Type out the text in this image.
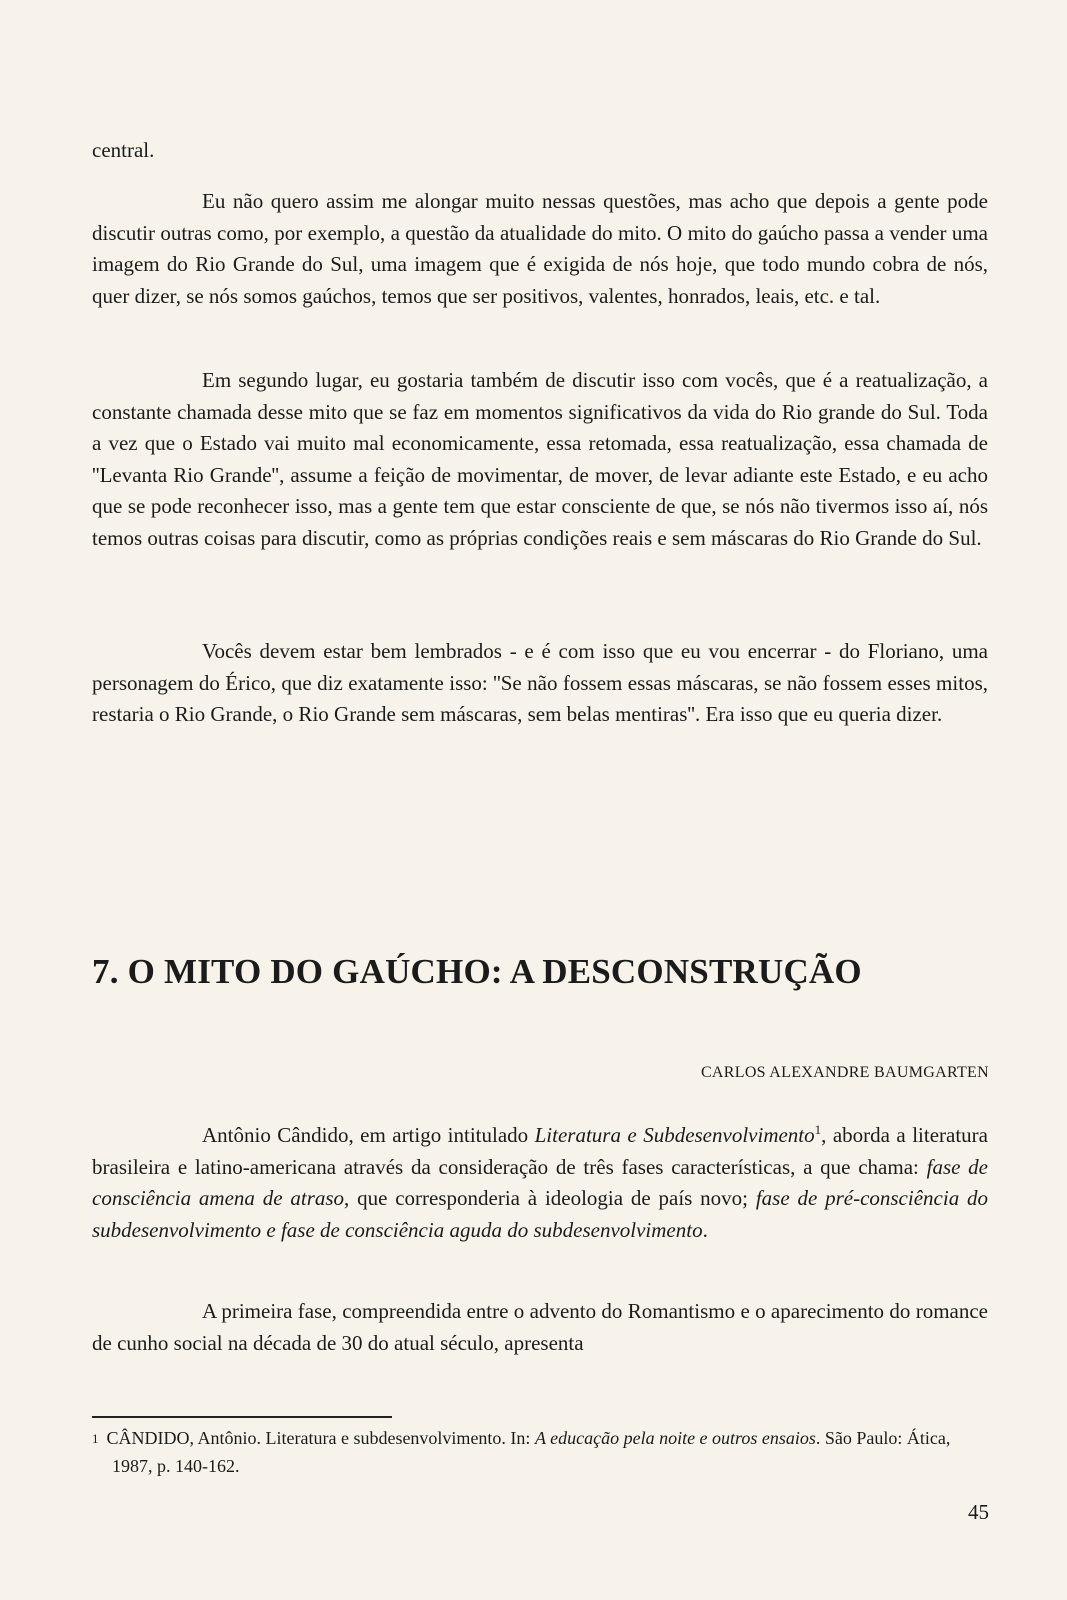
central.

Eu não quero assim me alongar muito nessas questões, mas acho que depois a gente pode discutir outras como, por exemplo, a questão da atualidade do mito. O mito do gaúcho passa a vender uma imagem do Rio Grande do Sul, uma imagem que é exigida de nós hoje, que todo mundo cobra de nós, quer dizer, se nós somos gaúchos, temos que ser positivos, valentes, honrados, leais, etc. e tal.

Em segundo lugar, eu gostaria também de discutir isso com vocês, que é a reatualização, a constante chamada desse mito que se faz em momentos significativos da vida do Rio grande do Sul. Toda a vez que o Estado vai muito mal economicamente, essa retomada, essa reatualização, essa chamada de ''Levanta Rio Grande'', assume a feição de movimentar, de mover, de levar adiante este Estado, e eu acho que se pode reconhecer isso, mas a gente tem que estar consciente de que, se nós não tivermos isso aí, nós temos outras coisas para discutir, como as próprias condições reais e sem máscaras do Rio Grande do Sul.

Vocês devem estar bem lembrados - e é com isso que eu vou encerrar - do Floriano, uma personagem do Érico, que diz exatamente isso: ''Se não fossem essas máscaras, se não fossem esses mitos, restaria o Rio Grande, o Rio Grande sem máscaras, sem belas mentiras''. Era isso que eu queria dizer.

7. O MITO DO GAÚCHO: A DESCONSTRUÇÃO

CARLOS ALEXANDRE BAUMGARTEN

Antônio Cândido, em artigo intitulado Literatura e Subdesenvolvimento$^1$, aborda a literatura brasileira e latino-americana através da consideração de três fases características, a que chama: fase de consciência amena de atraso, que corresponderia à ideologia de país novo; fase de pré-consciência do subdesenvolvimento e fase de consciência aguda do subdesenvolvimento.

A primeira fase, compreendida entre o advento do Romantismo e o aparecimento do romance de cunho social na década de 30 do atual século, apresenta

$^1$ CÂNDIDO, Antônio. Literatura e subdesenvolvimento. In: A educação pela noite e outros ensaios. São Paulo: Ática, 1987, p. 140-162.

45
